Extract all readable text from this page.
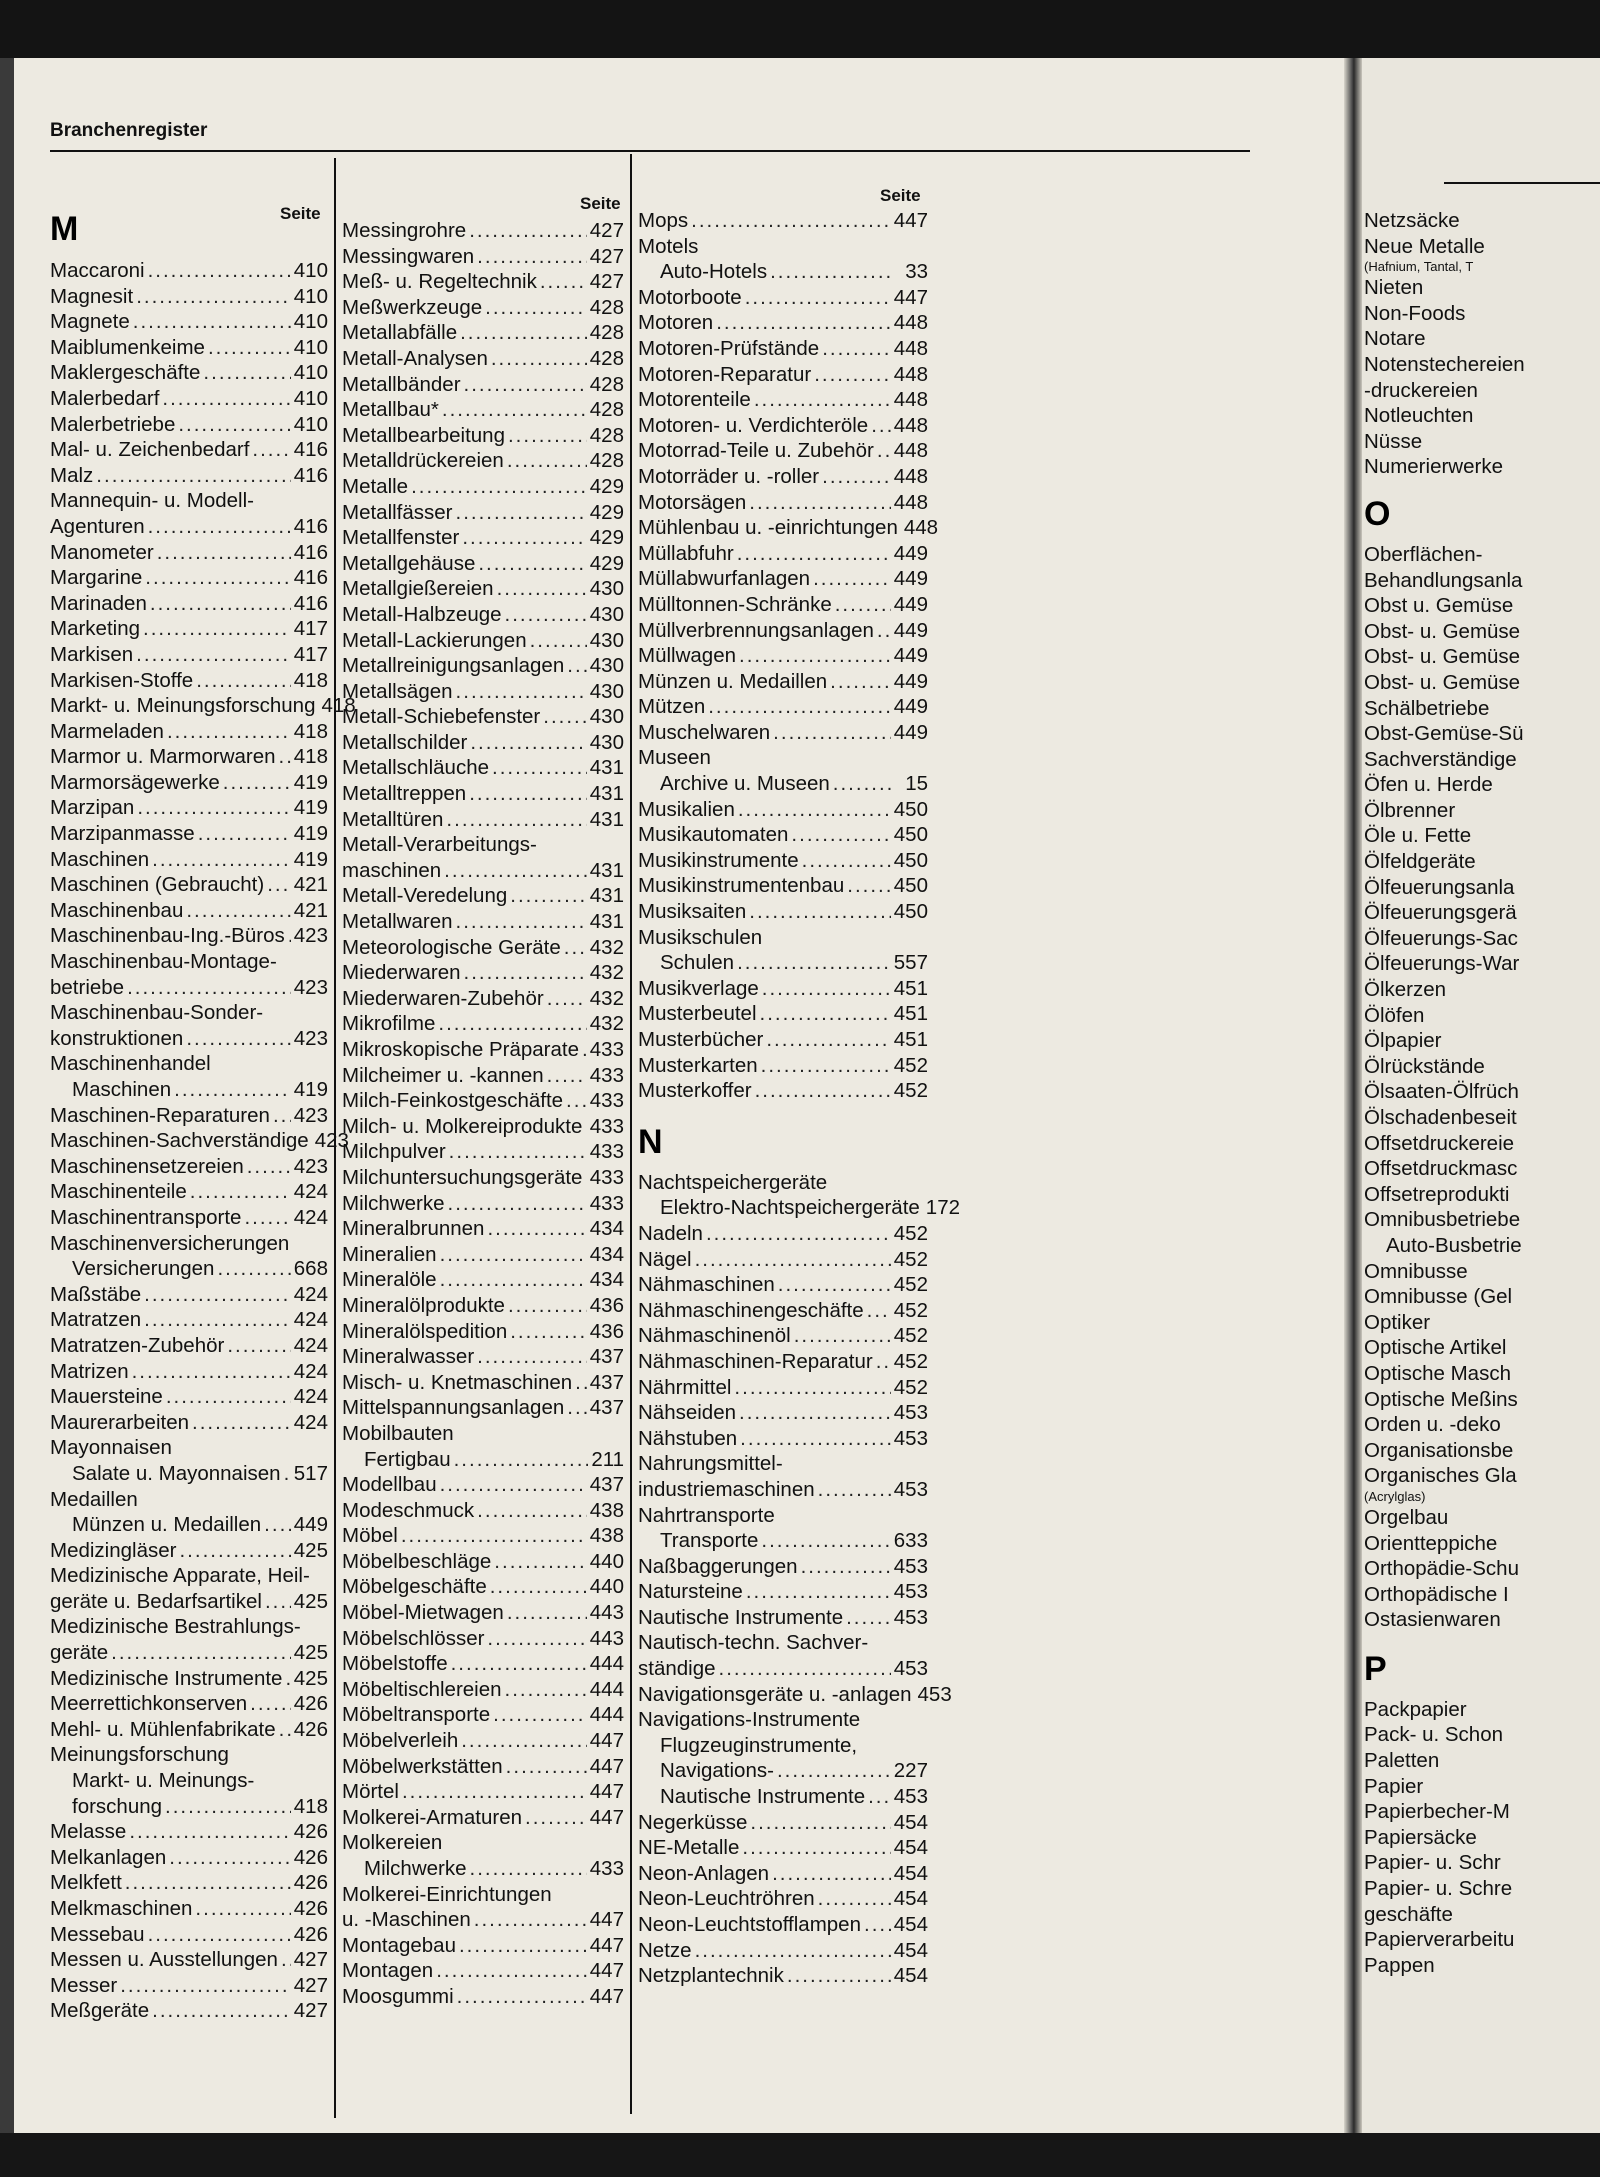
Branchenregister
Seite
Seite	Seite
M
Maccaroni .....	410
Magnesit .....	410
Magnete .....	410
Maiblumenkeime .....	410
Maklergeschäfte .....	410
Malerbedarf .....	410
Malerbetriebe .....	410
Mal- u. Zeichenbedarf ..... 416
Malz .....	416
Mannequin- u. Modell-
Agenturen .....	416
Manometer .....	416
Margarine .....	416
Marinaden .....	416
Marketing .....	417
Markisen .....	417
Markisen-Stoffe .....	418
Markt- u. Meinungsforschung 418
Marmeladen .....	418
Marmor u. Marmorwaren ..... 418
Marmorsägewerke .....	419
Marzipan .....	419
Marzipanmasse .....	419
Maschinen .....	419
Maschinen (Gebraucht) ..... 421
Maschinenbau .....	421
Maschinenbau-Ing.-Büros ..... 423
Maschinenbau-Montage-
betriebe .....	423
Maschinenbau-Sonder-
konstruktionen .....	423
Maschinenhandel
Maschinen .....	419
Maschinen-Reparaturen ..... 423
Maschinen-Sachverständige 423
Maschinensetzereien ..... 423
Maschinenteile .....	424
Maschinentransporte .....	424
Maschinenversicherungen
Versicherungen .....	668
Maßstäbe .....	424
Matratzen .....	424
Matratzen-Zubehör .....	424
Matrizen .....	424
Mauersteine .....	424
Maurerarbeiten .....	424
Mayonnaisen
Salate u. Mayonnaisen ..... 517
Medaillen
Münzen u. Medaillen ..... 449
Medizingläser .....	425
Medizinische Apparate, Heil-
geräte u. Bedarfsartikel ..... 425
Medizinische Bestrahlungs-
geräte .....	425
Medizinische Instrumente ..... 425
Meerrettichkonserven ..... 426
Mehl- u. Mühlenfabrikate ..... 426
Meinungsforschung
Markt- u. Meinungs-
forschung .....	418
Melasse .....	426
Melkanlagen .....	426
Melkfett .....	426
Melkmaschinen .....	426
Messebau .....	426
Messen u. Ausstellungen ..... 427
Messer .....	427
Meßgeräte .....	427
Messingrohre .....	427
Messingwaren .....	427
Meß- u. Regeltechnik .....	427
Meßwerkzeuge .....	428
Metallabfälle .....	428
Metall-Analysen .....	428
Metallbänder .....	428
Metallbau* .....	428
Metallbearbeitung .....	428
Metalldrückereien .....	428
Metalle .....	429
Metallfässer .....	429
Metallfenster .....	429
Metallgehäuse .....	429
Metallgießereien .....	430
Metall-Halbzeuge .....	430
Metall-Lackierungen .....	430
Metallreinigungsanlagen ..... 430
Metallsägen .....	430
Metall-Schiebefenster ..... 430
Metallschilder .....	430
Metallschläuche .....	431
Metalltreppen .....	431
Metalltüren .....	431
Metall-Verarbeitungs-
maschinen .....	431
Metall-Veredelung .....	431
Metallwaren .....	431
Meteorologische Geräte ..... 432
Miederwaren .....	432
Miederwaren-Zubehör ..... 432
Mikrofilme .....	432
Mikroskopische Präparate ..... 433
Milcheimer u. -kannen ..... 433
Milch-Feinkostgeschäfte ..... 433
Milch- u. Molkereiprodukte ..... 433
Milchpulver .....	433
Milchuntersuchungsgeräte ..... 433
Milchwerke .....	433
Mineralbrunnen .....	434
Mineralien .....	434
Mineralöle .....	434
Mineralölprodukte .....	436
Mineralölspedition .....	436
Mineralwasser .....	437
Misch- u. Knetmaschinen ..... 437
Mittelspannungsanlagen ..... 437
Mobilbauten
Fertigbau .....	211
Modellbau .....	437
Modeschmuck .....	438
Möbel .....	438
Möbelbeschläge .....	440
Möbelgeschäfte .....	440
Möbel-Mietwagen .....	443
Möbelschlösser .....	443
Möbelstoffe .....	444
Möbeltischlereien .....	444
Möbeltransporte .....	444
Möbelverleih .....	447
Möbelwerkstätten .....	447
Mörtel .....	447
Molkerei-Armaturen .....	447
Molkereien
Milchwerke .....	433
Molkerei-Einrichtungen
u. -Maschinen .....	447
Montagebau .....	447
Montagen .....	447
Moosgummi .....	447
Mops .....	447
Motels
Auto-Hotels .....	33
Motorboote .....	447
Motoren .....	448
Motoren-Prüfstände .....	448
Motoren-Reparatur .....	448
Motorenteile .....	448
Motoren- u. Verdichteröle ..... 448
Motorrad-Teile u. Zubehör ..... 448
Motorräder u. -roller .....	448
Motorsägen .....	448
Mühlenbau u. -einrichtungen 448
Müllabfuhr .....	449
Müllabwurfanlagen .....	449
Mülltonnen-Schränke .....	449
Müllverbrennungsanlagen ..... 449
Müllwagen .....	449
Münzen u. Medaillen .....	449
Mützen .....	449
Muschelwaren .....	449
Museen
Archive u. Museen .....	15
Musikalien .....	450
Musikautomaten .....	450
Musikinstrumente .....	450
Musikinstrumentenbau ..... 450
Musiksaiten .....	450
Musikschulen
Schulen .....	557
Musikverlage .....	451
Musterbeutel .....	451
Musterbücher .....	451
Musterkarten .....	452
Musterkoffer .....	452
N
Nachtspeichergeräte
Elektro-Nachtspeichergeräte 172
Nadeln .....	452
Nägel .....	452
Nähmaschinen .....	452
Nähmaschinengeschäfte ..... 452
Nähmaschinenöl .....	452
Nähmaschinen-Reparatur ..... 452
Nährmittel .....	452
Nähseiden .....	453
Nähstuben .....	453
Nahrungsmittel-
industriemaschinen .....	453
Nahrtransporte
Transporte .....	633
Naßbaggerungen .....	453
Natursteine .....	453
Nautische Instrumente ..... 453
Nautisch-techn. Sachver-
ständige .....	453
Navigationsgeräte u. -anlagen 453
Navigations-Instrumente
Flugzeuginstrumente,
Navigations- .....	227
Nautische Instrumente ..... 453
Negerküsse .....	454
NE-Metalle .....	454
Neon-Anlagen .....	454
Neon-Leuchtröhren .....	454
Neon-Leuchtstofflampen ..... 454
Netze .....	454
Netzplantechnik .....	454
Netzsäcke
Neue Metalle
(Hafnium, Tantal, T
Nieten
Non-Foods
Notare
Notenstechereien
-druckereien
Notleuchten
Nüsse
Numerierwerke
O
Oberflächen-
Behandlungsanla
Obst u. Gemüse
Obst- u. Gemüse
Obst- u. Gemüse
Obst- u. Gemüse
Schälbetriebe
Obst-Gemüse-Sü
Sachverständige
Öfen u. Herde
Ölbrenner
Öle u. Fette
Ölfeldgeräte
Ölfeuerungsanla
Ölfeuerungsgerä
Ölfeuerungs-Sac
Ölfeuerungs-War
Ölkerzen
Ölöfen
Ölpapier
Ölrückstände
Ölsaaten-Ölfrüch
Ölschadenbeseit
Offsetdruckereie
Offsetdruckmasc
Offsetreprodukti
Omnibusbetriebe
Auto-Busbetrie
Omnibusse
Omnibusse (Gel
Optiker
Optische Artikel
Optische Masch
Optische Meßins
Orden u. -deko
Organisationsbe
Organisches Gla
(Acrylglas)
Orgelbau
Orientteppiche
Orthopädie-Schu
Orthopädische I
Ostasienwaren
P
Packpapier
Pack- u. Schon
Paletten
Papier
Papierbecher-M
Papiersäcke
Papier- u. Schr
Papier- u. Schre
geschäfte
Papierverarbeitu
Pappen
